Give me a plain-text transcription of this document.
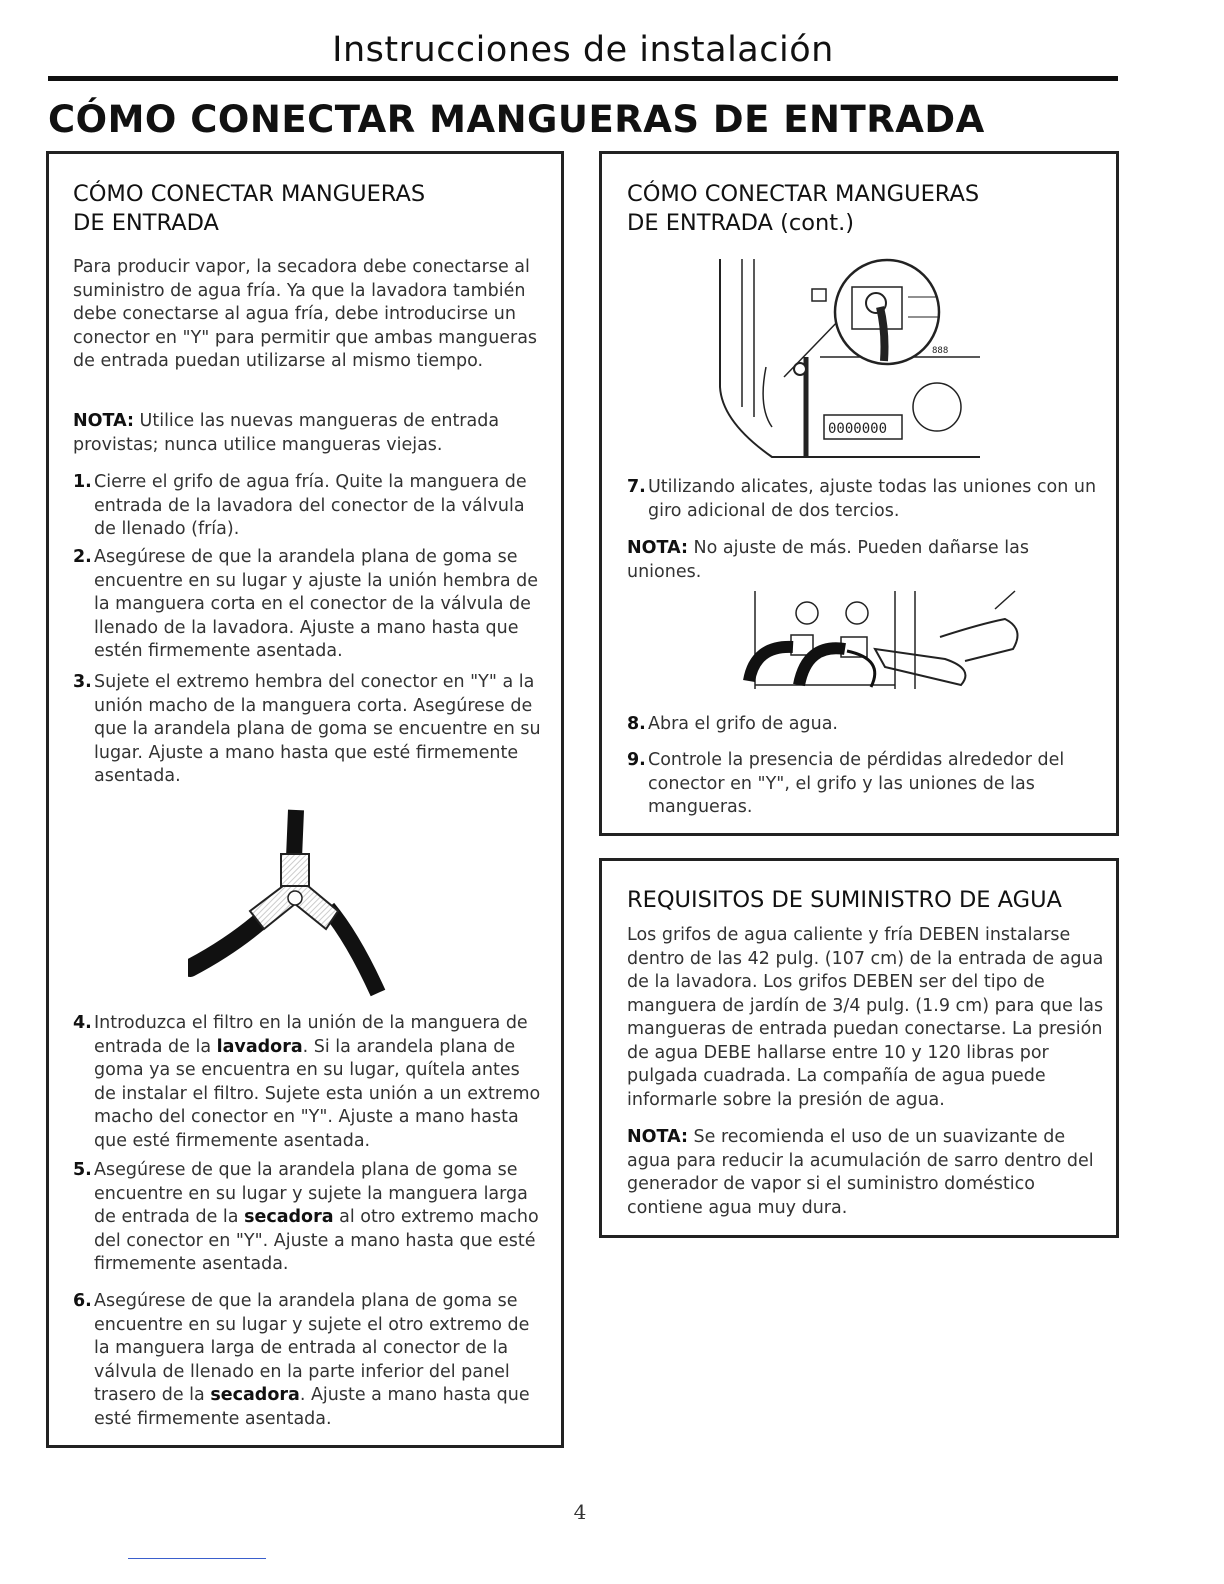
Instrucciones de instalación
CÓMO CONECTAR MANGUERAS DE ENTRADA
CÓMO CONECTAR MANGUERAS
DE ENTRADA

Para producir vapor, la secadora debe conectarse al suministro de agua fría. Ya que la lavadora también debe conectarse al agua fría, debe introducirse un conector en "Y" para permitir que ambas mangueras de entrada puedan utilizarse al mismo tiempo.

NOTA: Utilice las nuevas mangueras de entrada provistas; nunca utilice mangueras viejas.

1. Cierre el grifo de agua fría. Quite la manguera de entrada de la lavadora del conector de la válvula de llenado (fría).
2. Asegúrese de que la arandela plana de goma se encuentre en su lugar y ajuste la unión hembra de la manguera corta en el conector de la válvula de llenado de la lavadora. Ajuste a mano hasta que estén firmemente asentada.
3. Sujete el extremo hembra del conector en "Y" a la unión macho de la manguera corta. Asegúrese de que la arandela plana de goma se encuentre en su lugar. Ajuste a mano hasta que esté firmemente asentada.
4. Introduzca el filtro en la unión de la manguera de entrada de la lavadora. Si la arandela plana de goma ya se encuentra en su lugar, quítela antes de instalar el filtro. Sujete esta unión a un extremo macho del conector en "Y". Ajuste a mano hasta que esté firmemente asentada.
5. Asegúrese de que la arandela plana de goma se encuentre en su lugar y sujete la manguera larga de entrada de la secadora al otro extremo macho del conector en "Y". Ajuste a mano hasta que esté firmemente asentada.
6. Asegúrese de que la arandela plana de goma se encuentre en su lugar y sujete el otro extremo de la manguera larga de entrada al conector de la válvula de llenado en la parte inferior del panel trasero de la secadora. Ajuste a mano hasta que esté firmemente asentada.
CÓMO CONECTAR MANGUERAS
DE ENTRADA (cont.)
0000000
888
7. Utilizando alicates, ajuste todas las uniones con un giro adicional de dos tercios.

NOTA: No ajuste de más. Pueden dañarse las uniones.

8. Abra el grifo de agua.
9. Controle la presencia de pérdidas alrededor del conector en "Y", el grifo y las uniones de las mangueras.
REQUISITOS DE SUMINISTRO DE AGUA

Los grifos de agua caliente y fría DEBEN instalarse dentro de las 42 pulg. (107 cm) de la entrada de agua de la lavadora. Los grifos DEBEN ser del tipo de manguera de jardín de 3/4 pulg. (1.9 cm) para que las mangueras de entrada puedan conectarse. La presión de agua DEBE hallarse entre 10 y 120 libras por pulgada cuadrada. La compañía de agua puede informarle sobre la presión de agua.

NOTA: Se recomienda el uso de un suavizante de agua para reducir la acumulación de sarro dentro del generador de vapor si el suministro doméstico contiene agua muy dura.

4
